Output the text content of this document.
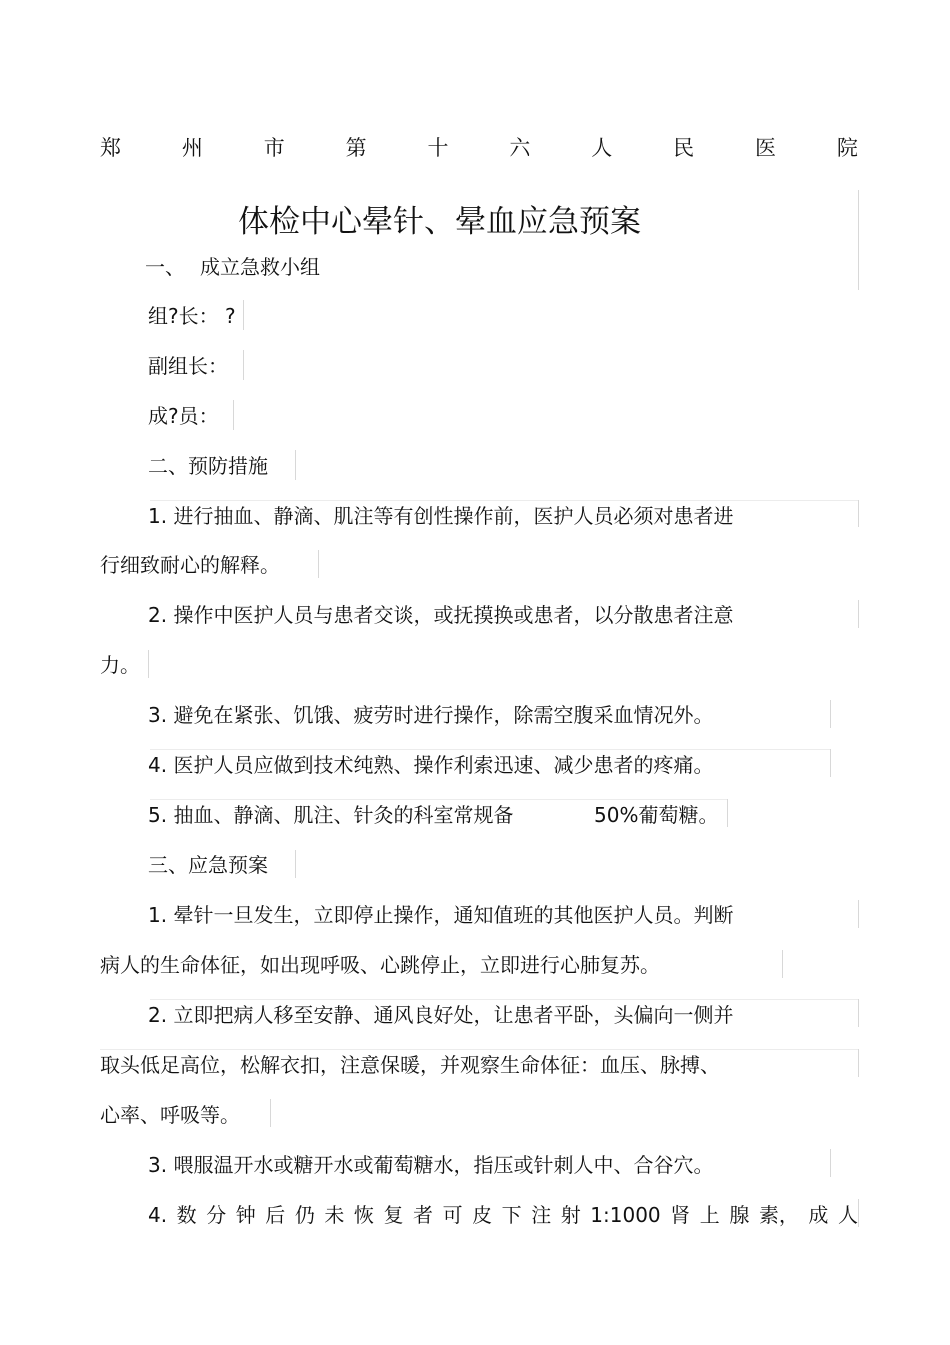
郑	州	市	第	十	六	人	民	医	院
体检中心晕针、晕血应急预案
一、 成立急救小组
组?长： ?
副组长：
成?员：
二、预防措施
1. 进行抽血、静滴、肌注等有创性操作前，医护人员必须对患者进
行细致耐心的解释。
2. 操作中医护人员与患者交谈，或抚摸换或患者，以分散患者注意
力。
3. 避免在紧张、饥饿、疲劳时进行操作，除需空腹采血情况外。
4. 医护人员应做到技术纯熟、操作利索迅速、减少患者的疼痛。
5. 抽血、静滴、肌注、针灸的科室常规备	50%葡萄糖。
三、应急预案
1. 晕针一旦发生，立即停止操作，通知值班的其他医护人员。判断
病人的生命体征，如出现呼吸、心跳停止，立即进行心肺复苏。
2. 立即把病人移至安静、通风良好处，让患者平卧，头偏向一侧并
取头低足高位，松解衣扣，注意保暖，并观察生命体征：血压、脉搏、
心率、呼吸等。
3. 喂服温开水或糖开水或葡萄糖水，指压或针刺人中、合谷穴。
4. 数 分 钟 后 仍 未 恢 复 者 可 皮 下 注 射 1:1000 肾 上 腺 素， 成 人
